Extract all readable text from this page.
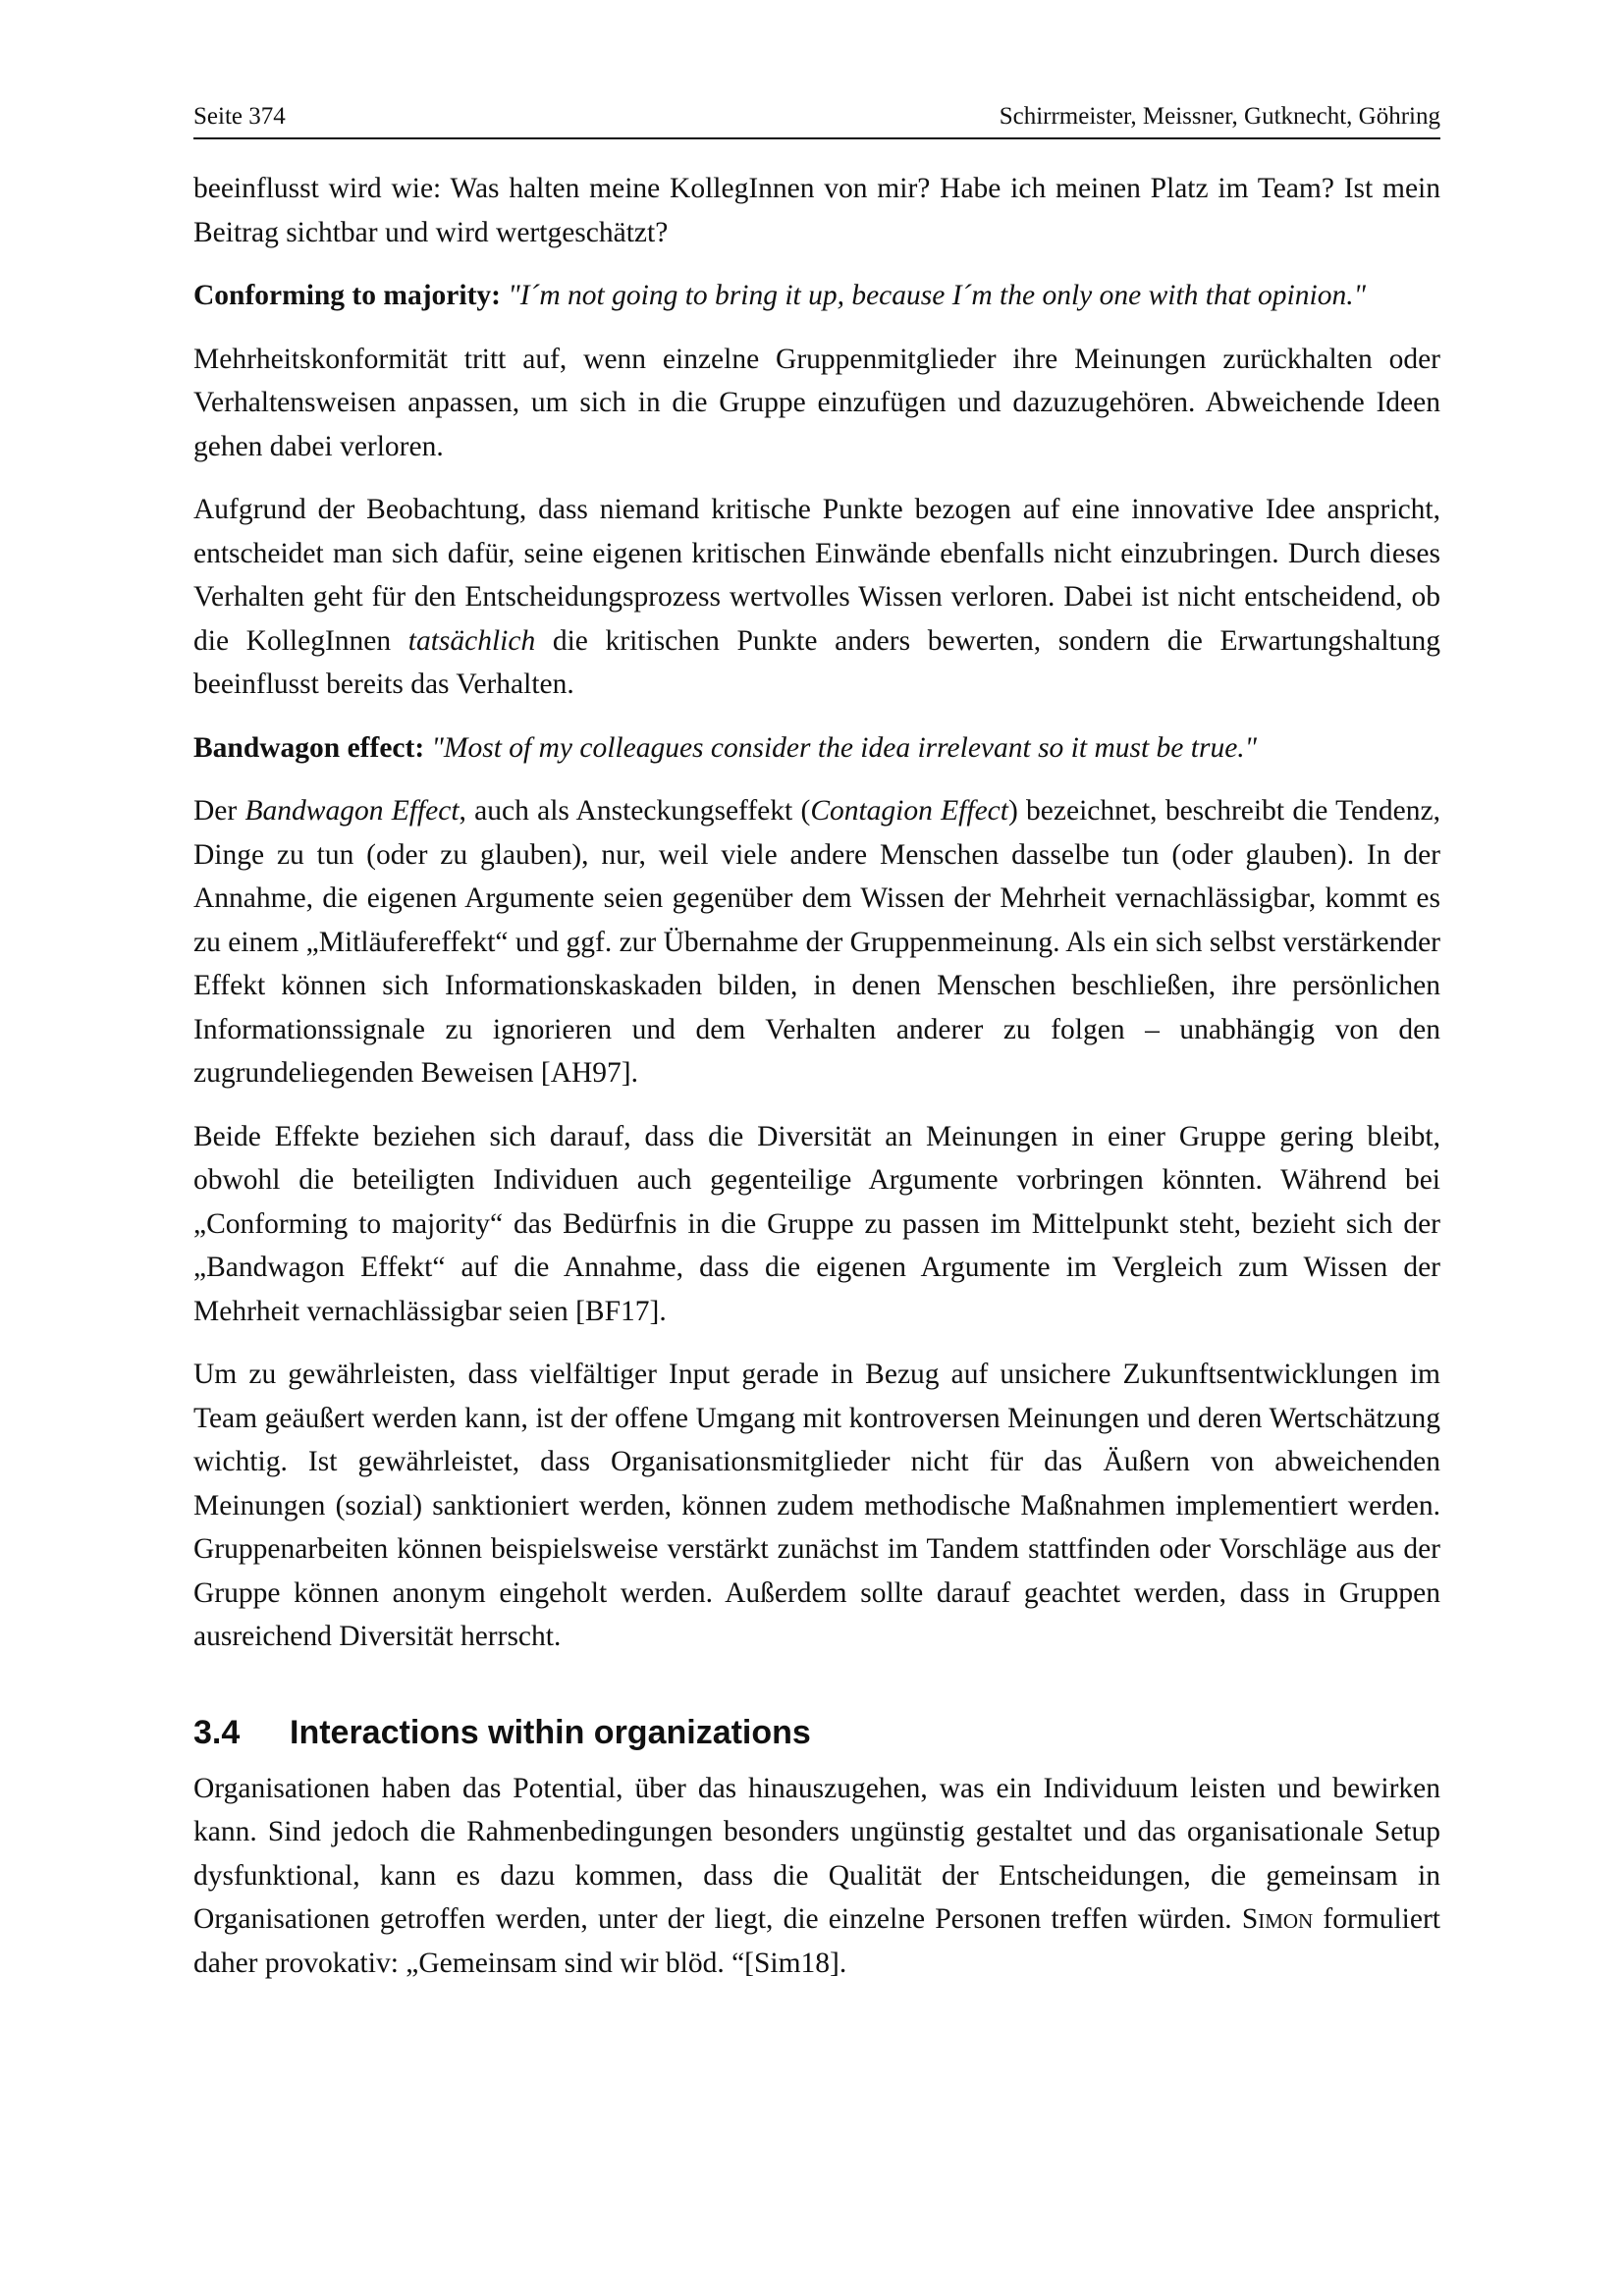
Seite 374	Schirrmeister, Meissner, Gutknecht, Göhring

beeinflusst wird wie: Was halten meine KollegInnen von mir? Habe ich meinen Platz im Team? Ist mein Beitrag sichtbar und wird wertgeschätzt?

Conforming to majority: "I´m not going to bring it up, because I´m the only one with that opinion."

Mehrheitskonformität tritt auf, wenn einzelne Gruppenmitglieder ihre Meinungen zurückhalten oder Verhaltensweisen anpassen, um sich in die Gruppe einzufügen und dazuzugehören. Abweichende Ideen gehen dabei verloren.

Aufgrund der Beobachtung, dass niemand kritische Punkte bezogen auf eine innovative Idee anspricht, entscheidet man sich dafür, seine eigenen kritischen Einwände ebenfalls nicht einzubringen. Durch dieses Verhalten geht für den Entscheidungsprozess wertvolles Wissen verloren. Dabei ist nicht entscheidend, ob die KollegInnen tatsächlich die kritischen Punkte anders bewerten, sondern die Erwartungshaltung beeinflusst bereits das Verhalten.

Bandwagon effect: "Most of my colleagues consider the idea irrelevant so it must be true."

Der Bandwagon Effect, auch als Ansteckungseffekt (Contagion Effect) bezeichnet, beschreibt die Tendenz, Dinge zu tun (oder zu glauben), nur, weil viele andere Menschen dasselbe tun (oder glauben). In der Annahme, die eigenen Argumente seien gegenüber dem Wissen der Mehrheit vernachlässigbar, kommt es zu einem „Mitläufereffekt“ und ggf. zur Übernahme der Gruppenmeinung. Als ein sich selbst verstärkender Effekt können sich Informationskaskaden bilden, in denen Menschen beschließen, ihre persönlichen Informationssignale zu ignorieren und dem Verhalten anderer zu folgen – unabhängig von den zugrundeliegenden Beweisen [AH97].

Beide Effekte beziehen sich darauf, dass die Diversität an Meinungen in einer Gruppe gering bleibt, obwohl die beteiligten Individuen auch gegenteilige Argumente vorbringen könnten. Während bei „Conforming to majority“ das Bedürfnis in die Gruppe zu passen im Mittelpunkt steht, bezieht sich der „Bandwagon Effekt“ auf die Annahme, dass die eigenen Argumente im Vergleich zum Wissen der Mehrheit vernachlässigbar seien [BF17].

Um zu gewährleisten, dass vielfältiger Input gerade in Bezug auf unsichere Zukunftsentwicklungen im Team geäußert werden kann, ist der offene Umgang mit kontroversen Meinungen und deren Wertschätzung wichtig. Ist gewährleistet, dass Organisationsmitglieder nicht für das Äußern von abweichenden Meinungen (sozial) sanktioniert werden, können zudem methodische Maßnahmen implementiert werden. Gruppenarbeiten können beispielsweise verstärkt zunächst im Tandem stattfinden oder Vorschläge aus der Gruppe können anonym eingeholt werden. Außerdem sollte darauf geachtet werden, dass in Gruppen ausreichend Diversität herrscht.

3.4	Interactions within organizations

Organisationen haben das Potential, über das hinauszugehen, was ein Individuum leisten und bewirken kann. Sind jedoch die Rahmenbedingungen besonders ungünstig gestaltet und das organisationale Setup dysfunktional, kann es dazu kommen, dass die Qualität der Entscheidungen, die gemeinsam in Organisationen getroffen werden, unter der liegt, die einzelne Personen treffen würden. Simon formuliert daher provokativ: „Gemeinsam sind wir blöd. “[Sim18].
